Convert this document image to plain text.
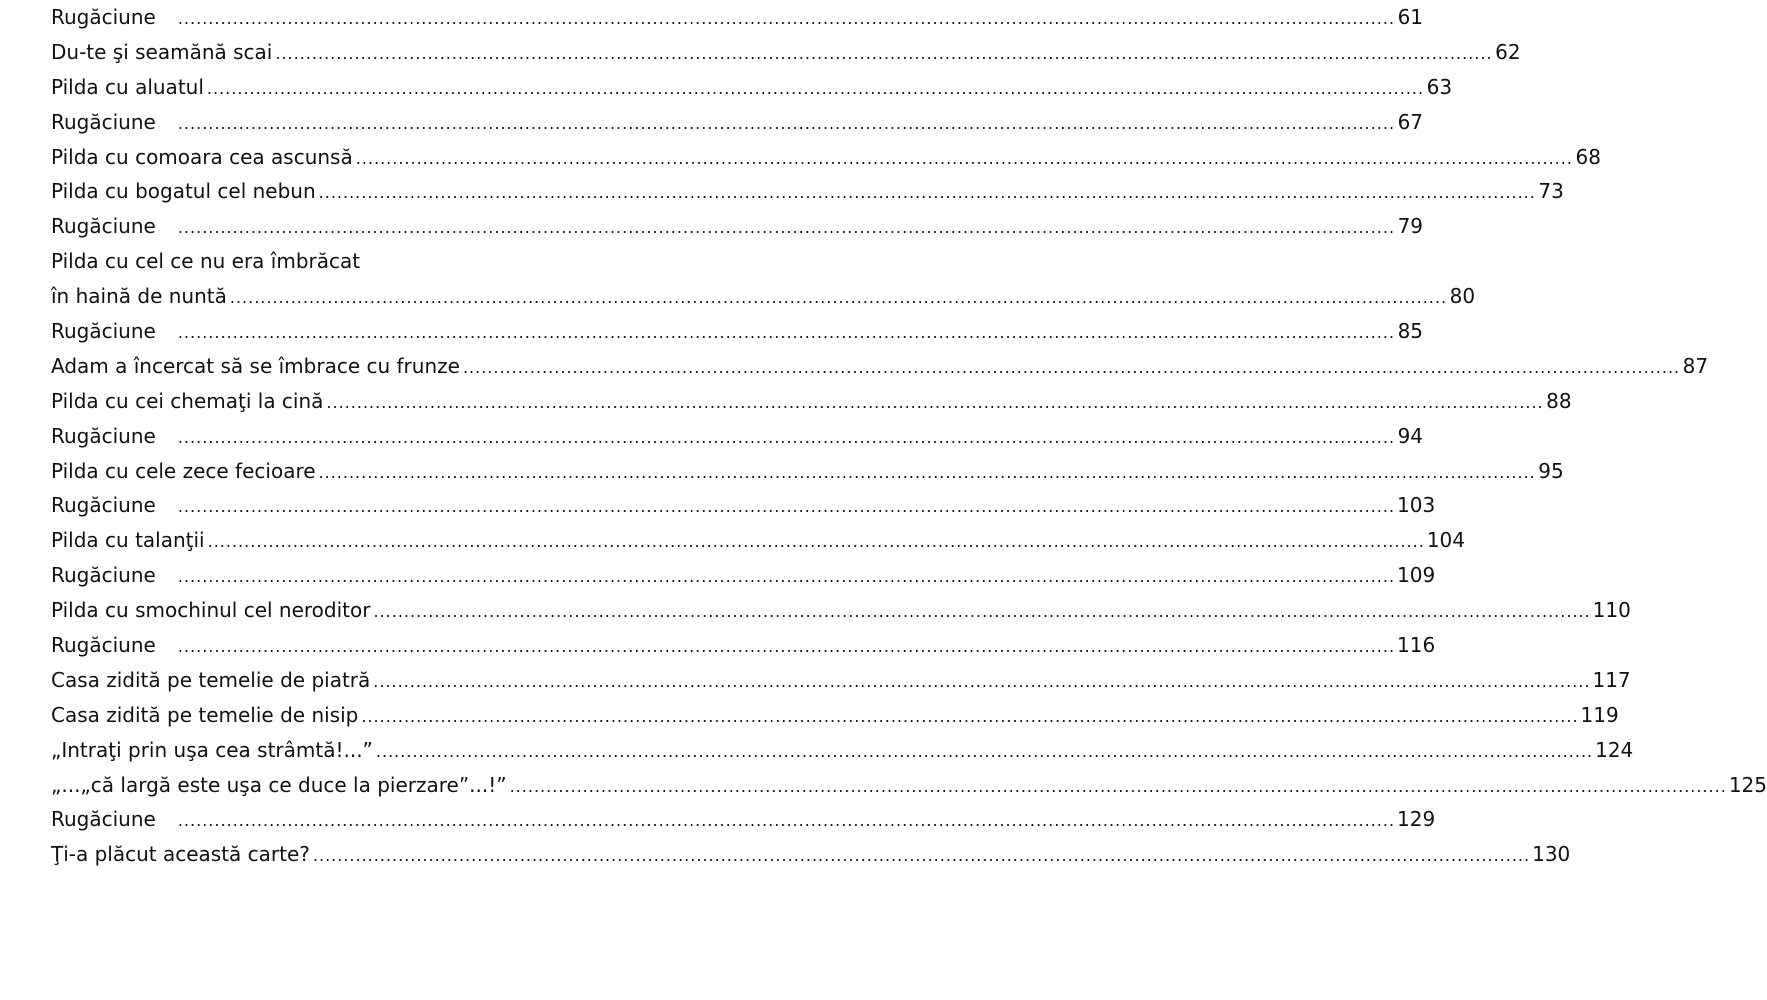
Rugăciune ........................................................................................................................................................................................................ 61
Du-te şi seamănă scai ........................................................................................................................................................................................................ 62
Pilda cu aluatul ........................................................................................................................................................................................................ 63
Rugăciune ........................................................................................................................................................................................................ 67
Pilda cu comoara cea ascunsă ........................................................................................................................................................................................................ 68
Pilda cu bogatul cel nebun ........................................................................................................................................................................................................ 73
Rugăciune ........................................................................................................................................................................................................ 79
Pilda cu cel ce nu era îmbrăcat
în haină de nuntă ........................................................................................................................................................................................................ 80
Rugăciune ........................................................................................................................................................................................................ 85
Adam a încercat să se îmbrace cu frunze ........................................................................................................................................................................................................ 87
Pilda cu cei chemaţi la cină ........................................................................................................................................................................................................ 88
Rugăciune ........................................................................................................................................................................................................ 94
Pilda cu cele zece fecioare ........................................................................................................................................................................................................ 95
Rugăciune ........................................................................................................................................................................................................ 103
Pilda cu talanţii ........................................................................................................................................................................................................ 104
Rugăciune ........................................................................................................................................................................................................ 109
Pilda cu smochinul cel neroditor ........................................................................................................................................................................................................ 110
Rugăciune ........................................................................................................................................................................................................ 116
Casa zidită pe temelie de piatră ........................................................................................................................................................................................................ 117
Casa zidită pe temelie de nisip ........................................................................................................................................................................................................ 119
„Intraţi prin uşa cea strâmtă!...” ........................................................................................................................................................................................................ 124
„...„că largă este uşa ce duce la pierzare”...!” ........................................................................................................................................................................................................ 125
Rugăciune ........................................................................................................................................................................................................ 129
Ţi-a plăcut această carte? ........................................................................................................................................................................................................ 130
